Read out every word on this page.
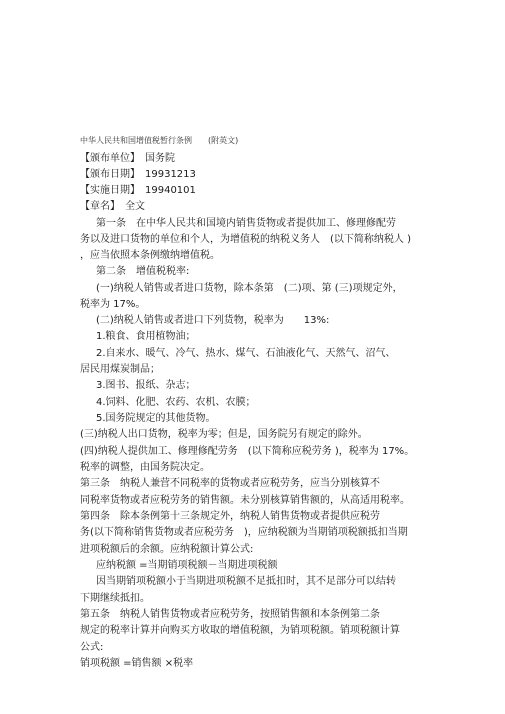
中华人民共和国增值税暂行条例　　(附英文)
【颁布单位】　国务院
【颁布日期】　19931213
【实施日期】　19940101
【章名】　全文
第一条　在中华人民共和国境内销售货物或者提供加工、修理修配劳
务以及进口货物的单位和个人，为增值税的纳税义务人　(以下简称纳税人 )
，应当依照本条例缴纳增值税。
第二条　增值税税率:
(一)纳税人销售或者进口货物，除本条第　(二)项、第 (三)项规定外，
税率为 17%。
(二)纳税人销售或者进口下列货物，税率为　　13%:
1.粮食、食用植物油；
2.自来水、暖气、冷气、热水、煤气、石油液化气、天然气、沼气、
居民用煤炭制品；
3.图书、报纸、杂志；
4.饲料、化肥、农药、农机、农膜；
5.国务院规定的其他货物。
(三)纳税人出口货物，税率为零；但是，国务院另有规定的除外。
(四)纳税人提供加工、修理修配劳务　(以下简称应税劳务 )，税率为 17%。
税率的调整，由国务院决定。
第三条　纳税人兼营不同税率的货物或者应税劳务，应当分别核算不
同税率货物或者应税劳务的销售额。未分别核算销售额的，从高适用税率。
第四条　除本条例第十三条规定外，纳税人销售货物或者提供应税劳
务(以下简称销售货物或者应税劳务　)，应纳税额为当期销项税额抵扣当期
进项税额后的余额。应纳税额计算公式:
应纳税额 =当期销项税额－当期进项税额
因当期销项税额小于当期进项税额不足抵扣时，其不足部分可以结转
下期继续抵扣。
第五条　纳税人销售货物或者应税劳务，按照销售额和本条例第二条
规定的税率计算并向购买方收取的增值税额，为销项税额。销项税额计算
公式:
销项税额 =销售额 ×税率
